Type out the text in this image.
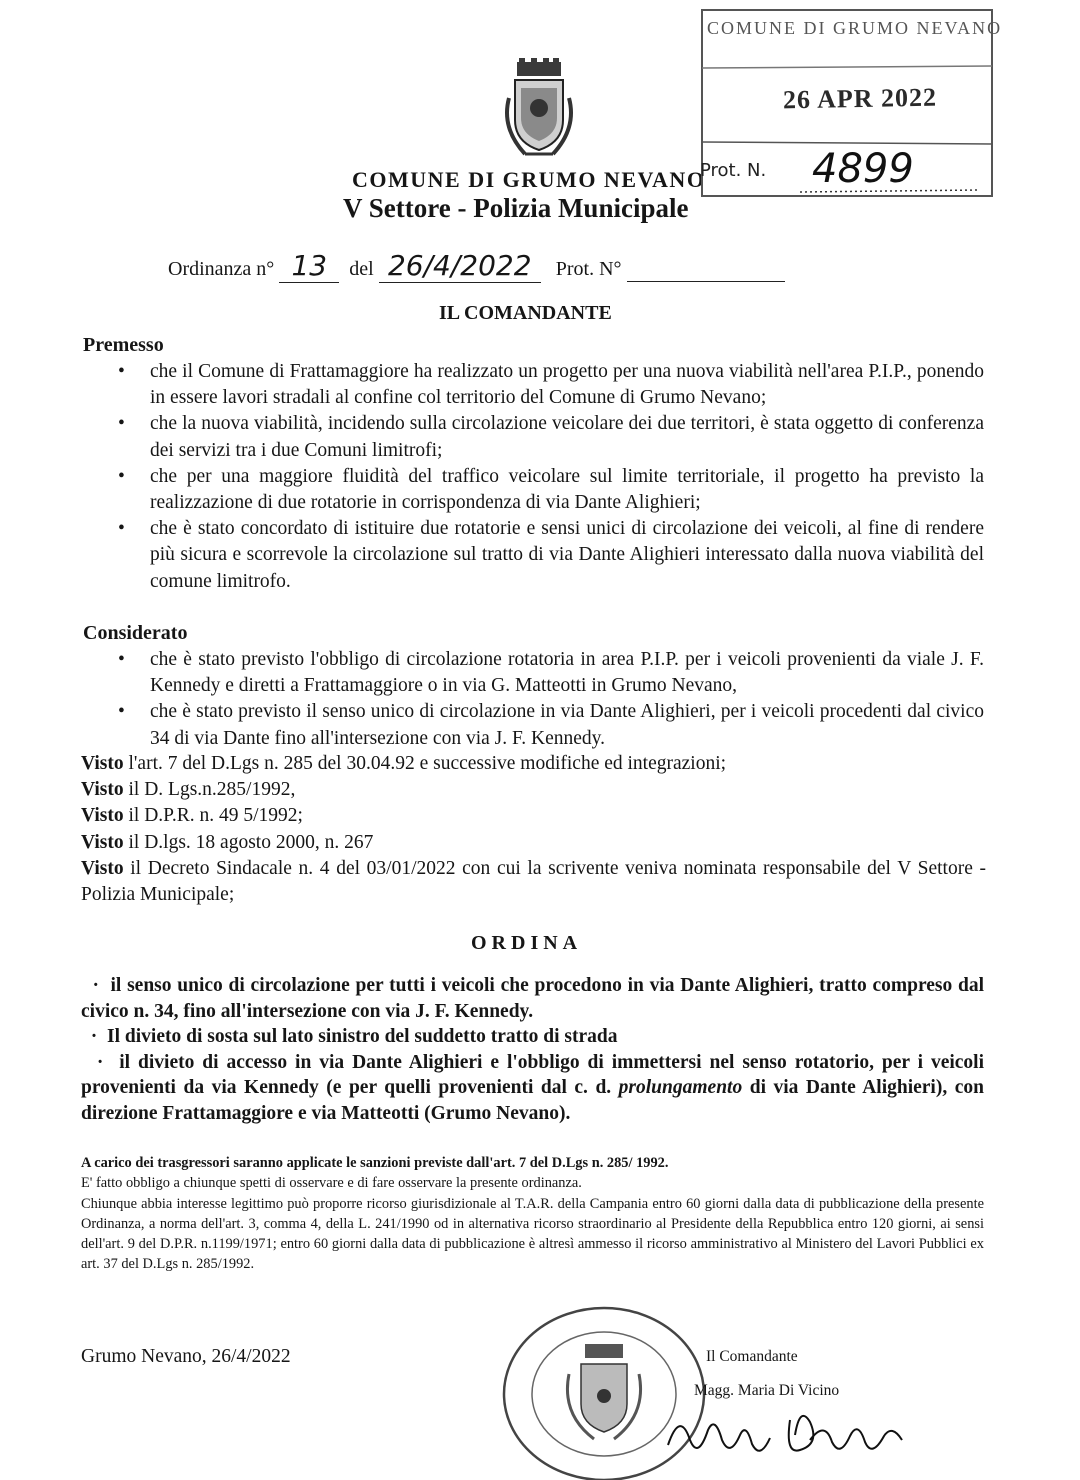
COMUNE DI GRUMO NEVANO
V Settore - Polizia Municipale
Ordinanza n° 13 del 26/4/2022 Prot. N°
COMUNE DI GRUMO NEVANO
26 APR 2022
Prot. N. 4899
IL COMANDANTE
Premesso
• che il Comune di Frattamaggiore ha realizzato un progetto per una nuova viabilità nell'area P.I.P., ponendo in essere lavori stradali al confine col territorio del Comune di Grumo Nevano;
• che la nuova viabilità, incidendo sulla circolazione veicolare dei due territori, è stata oggetto di conferenza dei servizi tra i due Comuni limitrofi;
• che per una maggiore fluidità del traffico veicolare sul limite territoriale, il progetto ha previsto la realizzazione di due rotatorie in corrispondenza di via Dante Alighieri;
• che è stato concordato di istituire due rotatorie e sensi unici di circolazione dei veicoli, al fine di rendere più sicura e scorrevole la circolazione sul tratto di via Dante Alighieri interessato dalla nuova viabilità del comune limitrofo.
Considerato
• che è stato previsto l'obbligo di circolazione rotatoria in area P.I.P. per i veicoli provenienti da viale J. F. Kennedy e diretti a Frattamaggiore o in via G. Matteotti in Grumo Nevano,
• che è stato previsto il senso unico di circolazione in via Dante Alighieri, per i veicoli procedenti dal civico 34 di via Dante fino all'intersezione con via J. F. Kennedy.
Visto l'art. 7 del D.Lgs n. 285 del 30.04.92 e successive modifiche ed integrazioni;
Visto il D. Lgs.n.285/1992,
Visto il D.P.R. n. 49 5/1992;
Visto il D.lgs. 18 agosto 2000, n. 267
Visto il Decreto Sindacale n. 4 del 03/01/2022 con cui la scrivente veniva nominata responsabile del V Settore - Polizia Municipale;
ORDINA
· il senso unico di circolazione per tutti i veicoli che procedono in via Dante Alighieri, tratto compreso dal civico n. 34, fino all'intersezione con via J. F. Kennedy.
· Il divieto di sosta sul lato sinistro del suddetto tratto di strada
· il divieto di accesso in via Dante Alighieri e l'obbligo di immettersi nel senso rotatorio, per i veicoli provenienti da via Kennedy (e per quelli provenienti dal c. d. prolungamento di via Dante Alighieri), con direzione Frattamaggiore e via Matteotti (Grumo Nevano).
A carico dei trasgressori saranno applicate le sanzioni previste dall'art. 7 del D.Lgs n. 285/ 1992.
E' fatto obbligo a chiunque spetti di osservare e di fare osservare la presente ordinanza.
Chiunque abbia interesse legittimo può proporre ricorso giurisdizionale al T.A.R. della Campania entro 60 giorni dalla data di pubblicazione della presente Ordinanza, a norma dell'art. 3, comma 4, della L. 241/1990 od in alternativa ricorso straordinario al Presidente della Repubblica entro 120 giorni, ai sensi dell'art. 9 del D.P.R. n.1199/1971; entro 60 giorni dalla data di pubblicazione è altresì ammesso il ricorso amministrativo al Ministero del Lavori Pubblici ex art. 37 del D.Lgs n. 285/1992.
Grumo Nevano, 26/4/2022	Il Comandante
Magg. Maria Di Vicino
